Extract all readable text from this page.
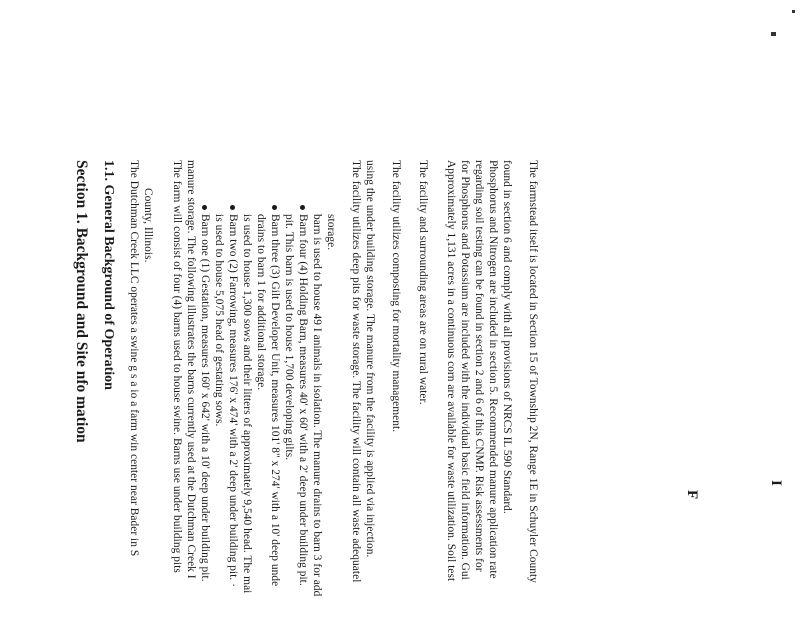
I
F
Section 1. Background and Site nfo mation 1.1. General Background of Operation The Dutchman Creek LLC operates a swine g s a io a farm win center near Bader in S County, Illinois. The farm will consist of four (4) barns used to house swine. Barns use under building pits manure storage. The following illustrates the barns currently used at the Dutchman Creek I Barn one (1) Gestation, measures 160' x 642' with a 10' deep under building pit. is used to house 5,075 head of gestating sows. Barn two (2) Farrowing, measures 176' x 474' with a 2' deep under building pit. · is used to house 1,300 sows and their litters of approximately 9,540 head. The mai drains to barn 1 for additional storage. Barn three (3) Gilt Developer Unit, measures 101' 8" x 274' with a 10' deep unde pit. This barn is used to house 1,700 developing gilts. Barn four (4) Holding Barn, measures 40' x 60' with a 2' deep under building pit. barn is used to house 49 I animals in isolation. The manure drains to barn 3 for add storage. The facility utilizes deep pits for waste storage. The facility will contain all waste adequatel using the under building storage. The manure from the facility is applied via injection. The facility utilizes composting for mortality management. The facility and surrounding areas are on rural water. Approximately 1,131 acres in a continuous corn are available for waste utilization. Soil test for Phosphorus and Potassium are included with the individual basic field information. Gui regarding soil testing can be found in section 2 and 6 of this CNMP. Risk assessments for Phosphorus and Nitrogen are included in section 5. Recommended manure application rate found in section 6 and comply with all provisions of NRCS IL 590 Standard. The farmstead itself is located in Section 15 of Township 2N, Range 1E in Schuyler County
